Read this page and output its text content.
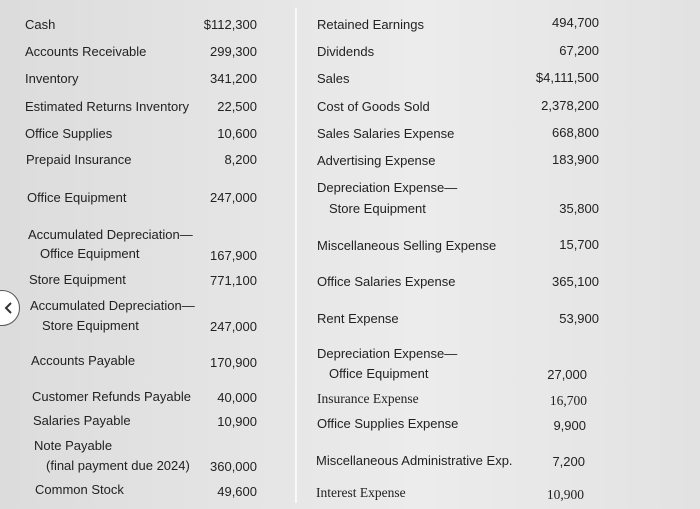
Cash	$112,300
Accounts Receivable	299,300
Inventory	341,200
Estimated Returns Inventory 22,500
Office Supplies	10,600
Prepaid Insurance	8,200
Office Equipment	247,000
Accumulated Depreciation—
Office Equipment	167,900
Store Equipment	771,100
Accumulated Depreciation—
Store Equipment	247,000
Accounts Payable	170,900
Customer Refunds Payable 40,000
Salaries Payable	10,900
Note Payable
(final payment due 2024) 360,000
Common Stock	49,600
Retained Earnings	494,700
Dividends	67,200
Sales	$4,111,500
Cost of Goods Sold	2,378,200
Sales Salaries Expense	668,800
Advertising Expense	183,900
Depreciation Expense—
Store Equipment	35,800
Miscellaneous Selling Expense	15,700
Office Salaries Expense	365,100
Rent Expense	53,900
Depreciation Expense—
Office Equipment	27,000
Insurance Expense	16,700
Office Supplies Expense	9,900
Miscellaneous Administrative Exp.	7,200
Interest Expense	10,900
